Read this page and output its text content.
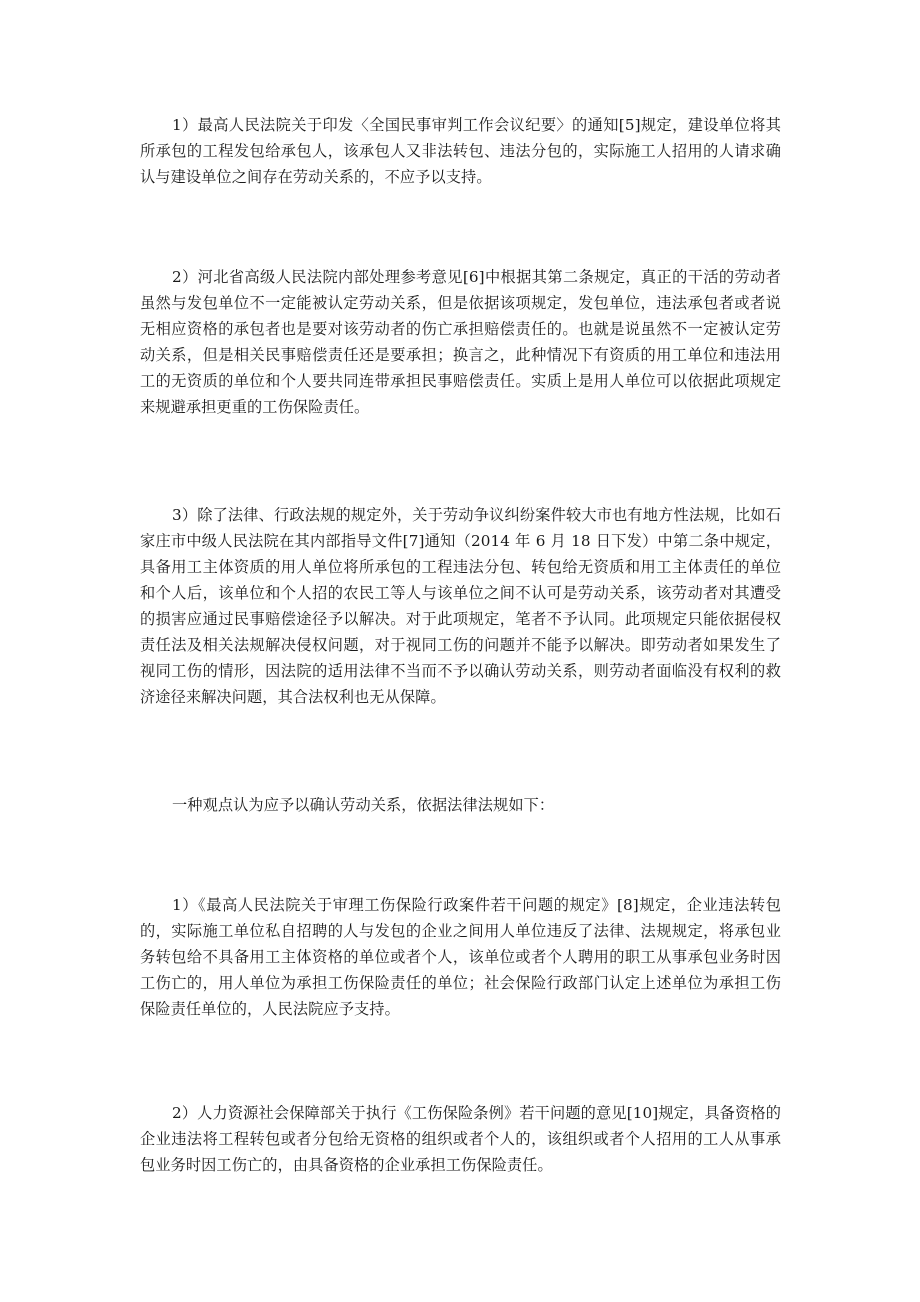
1）最高人民法院关于印发〈全国民事审判工作会议纪要〉的通知[5]规定，建设单位将其所承包的工程发包给承包人，该承包人又非法转包、违法分包的，实际施工人招用的人请求确认与建设单位之间存在劳动关系的，不应予以支持。

2）河北省高级人民法院内部处理参考意见[6]中根据其第二条规定，真正的干活的劳动者虽然与发包单位不一定能被认定劳动关系，但是依据该项规定，发包单位，违法承包者或者说无相应资格的承包者也是要对该劳动者的伤亡承担赔偿责任的。也就是说虽然不一定被认定劳动关系，但是相关民事赔偿责任还是要承担；换言之，此种情况下有资质的用工单位和违法用工的无资质的单位和个人要共同连带承担民事赔偿责任。实质上是用人单位可以依据此项规定来规避承担更重的工伤保险责任。

3）除了法律、行政法规的规定外，关于劳动争议纠纷案件较大市也有地方性法规，比如石家庄市中级人民法院在其内部指导文件[7]通知（2014 年 6 月 18 日下发）中第二条中规定，具备用工主体资质的用人单位将所承包的工程违法分包、转包给无资质和用工主体责任的单位和个人后，该单位和个人招的农民工等人与该单位之间不认可是劳动关系，该劳动者对其遭受的损害应通过民事赔偿途径予以解决。对于此项规定，笔者不予认同。此项规定只能依据侵权责任法及相关法规解决侵权问题，对于视同工伤的问题并不能予以解决。即劳动者如果发生了视同工伤的情形，因法院的适用法律不当而不予以确认劳动关系，则劳动者面临没有权利的救济途径来解决问题，其合法权利也无从保障。

一种观点认为应予以确认劳动关系，依据法律法规如下：

1）《最高人民法院关于审理工伤保险行政案件若干问题的规定》[8]规定，企业违法转包的，实际施工单位私自招聘的人与发包的企业之间用人单位违反了法律、法规规定，将承包业务转包给不具备用工主体资格的单位或者个人，该单位或者个人聘用的职工从事承包业务时因工伤亡的，用人单位为承担工伤保险责任的单位；社会保险行政部门认定上述单位为承担工伤保险责任单位的，人民法院应予支持。

2）人力资源社会保障部关于执行《工伤保险条例》若干问题的意见[10]规定，具备资格的企业违法将工程转包或者分包给无资格的组织或者个人的，该组织或者个人招用的工人从事承包业务时因工伤亡的，由具备资格的企业承担工伤保险责任。
